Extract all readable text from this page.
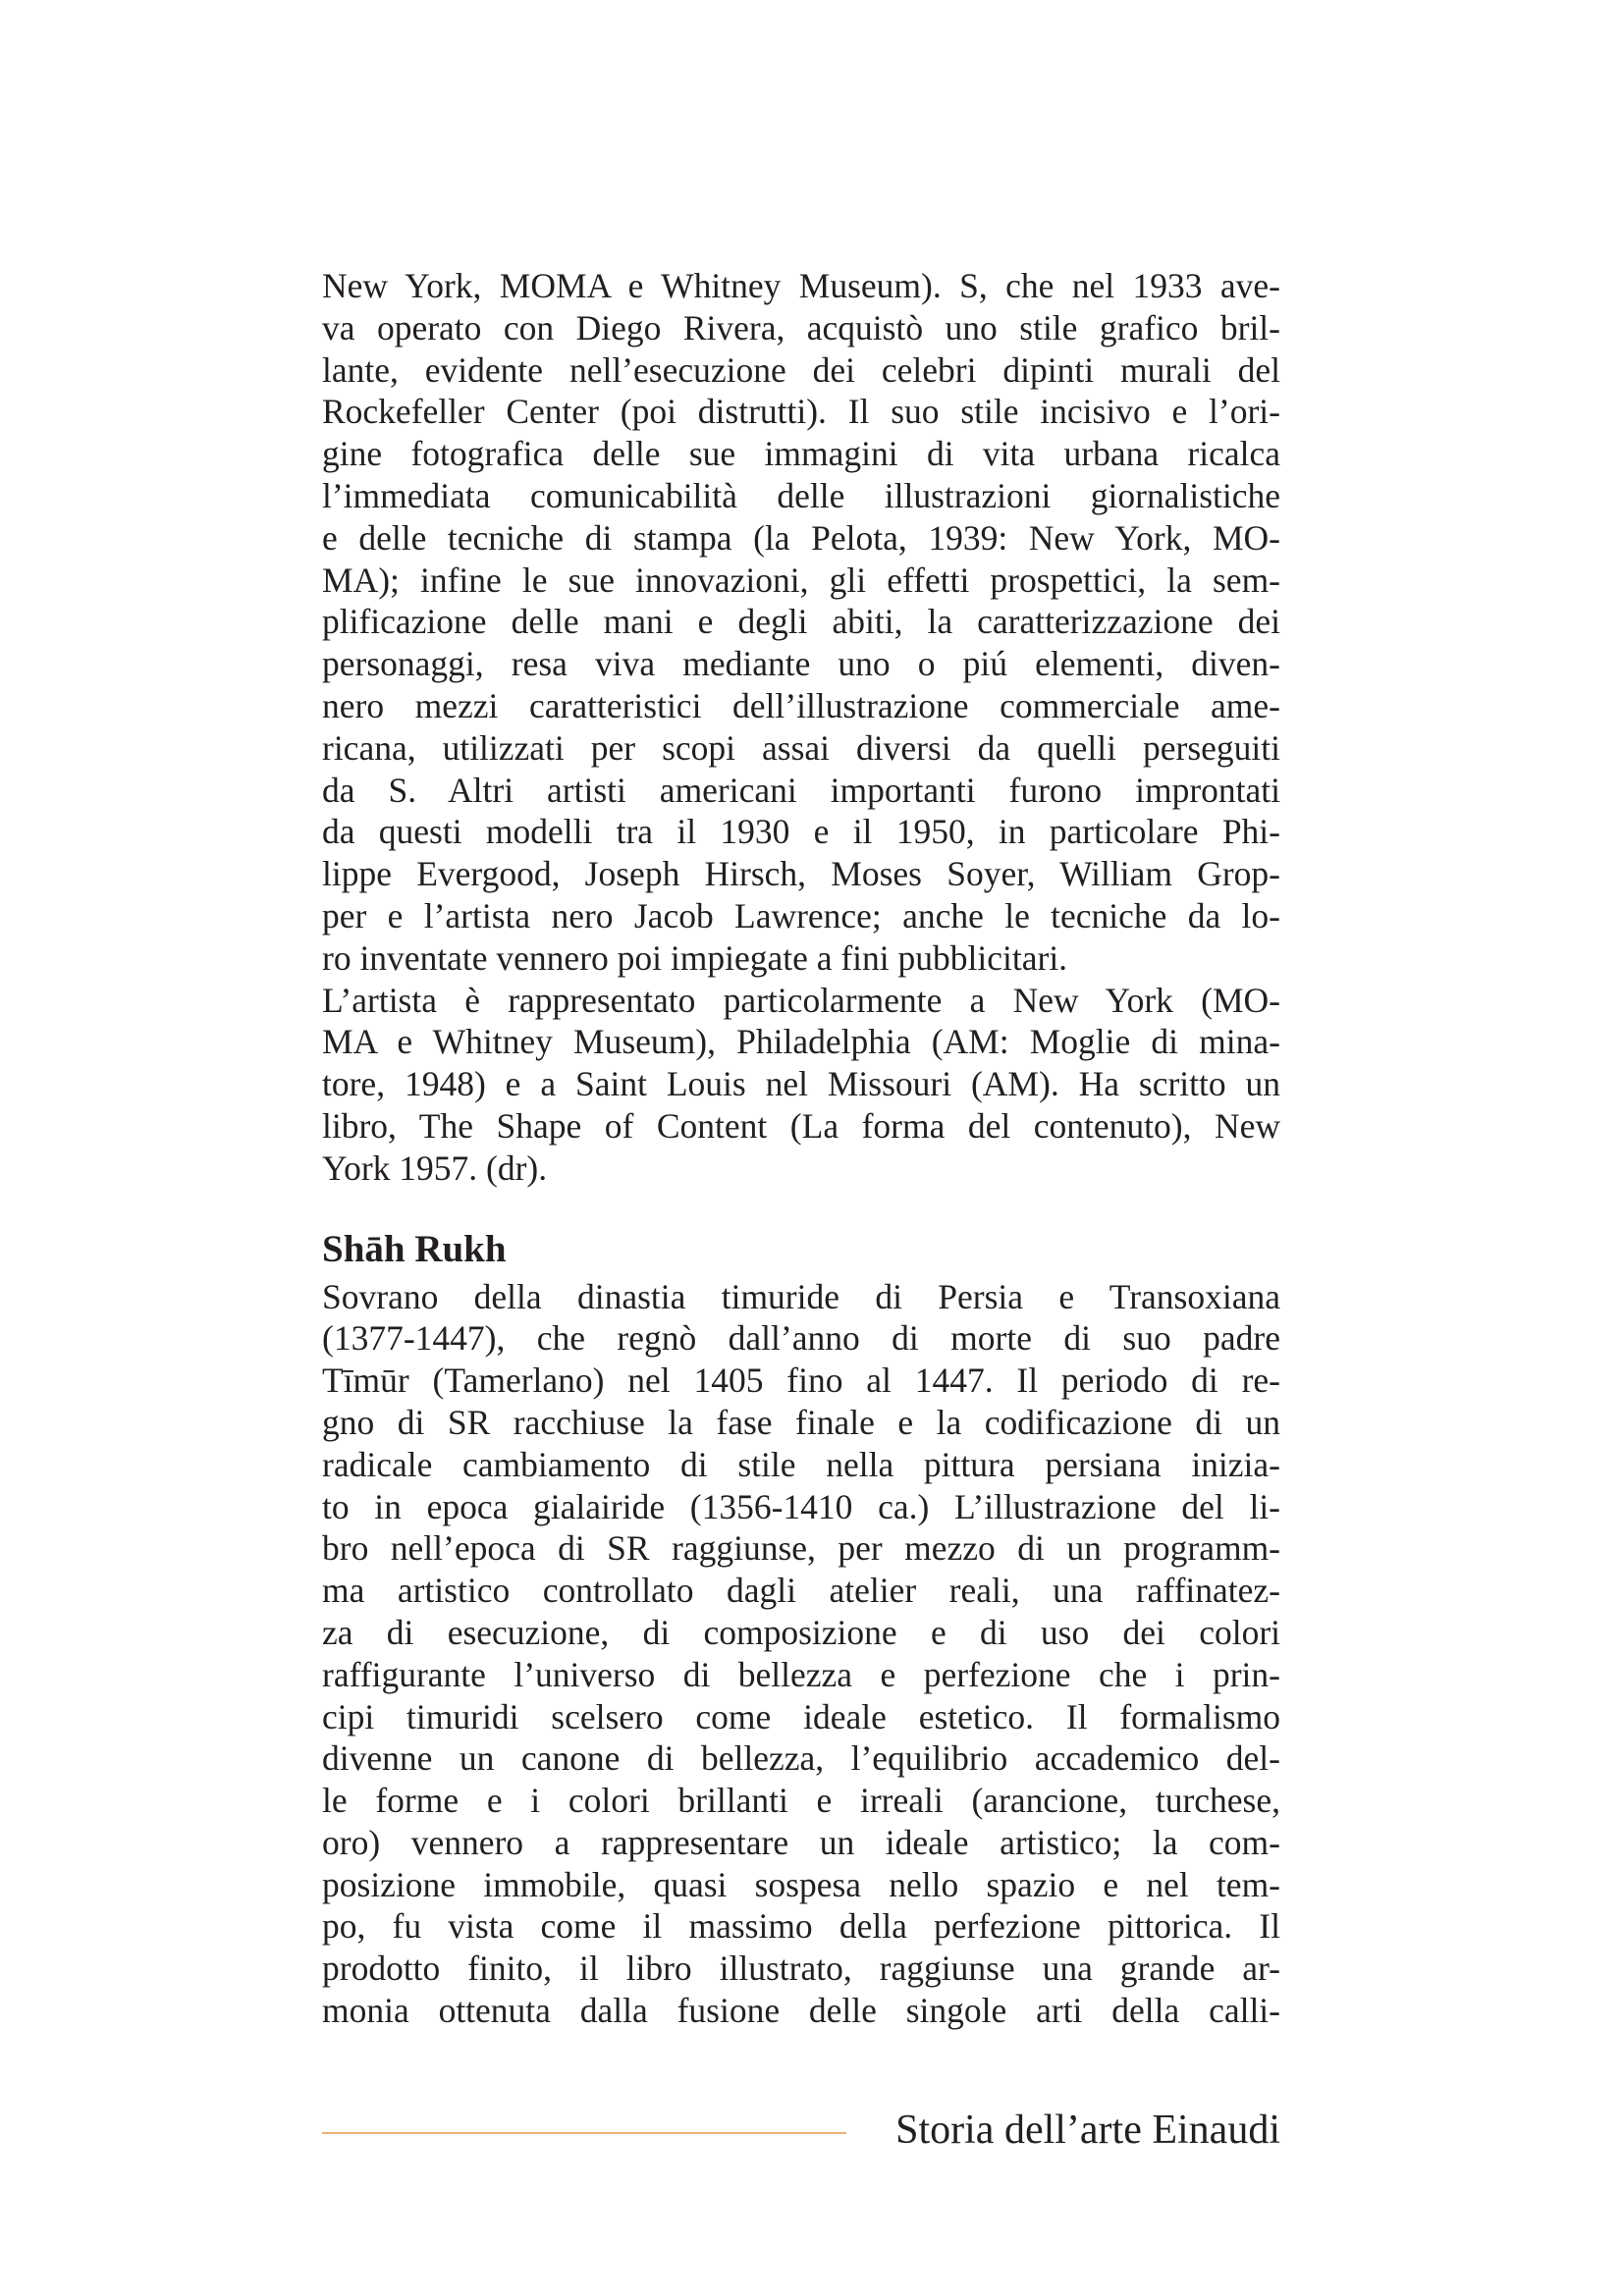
New York, MOMA e Whitney Museum). S, che nel 1933 ave-
va operato con Diego Rivera, acquistò uno stile grafico bril-
lante, evidente nell’esecuzione dei celebri dipinti murali del
Rockefeller Center (poi distrutti). Il suo stile incisivo e l’ori-
gine fotografica delle sue immagini di vita urbana ricalca
l’immediata comunicabilità delle illustrazioni giornalistiche
e delle tecniche di stampa (la Pelota, 1939: New York, MO-
MA); infine le sue innovazioni, gli effetti prospettici, la sem-
plificazione delle mani e degli abiti, la caratterizzazione dei
personaggi, resa viva mediante uno o piú elementi, diven-
nero mezzi caratteristici dell’illustrazione commerciale ame-
ricana, utilizzati per scopi assai diversi da quelli perseguiti
da S. Altri artisti americani importanti furono improntati
da questi modelli tra il 1930 e il 1950, in particolare Phi-
lippe Evergood, Joseph Hirsch, Moses Soyer, William Grop-
per e l’artista nero Jacob Lawrence; anche le tecniche da lo-
ro inventate vennero poi impiegate a fini pubblicitari.
L’artista è rappresentato particolarmente a New York (MO-
MA e Whitney Museum), Philadelphia (AM: Moglie di mina-
tore, 1948) e a Saint Louis nel Missouri (AM). Ha scritto un
libro, The Shape of Content (La forma del contenuto), New
York 1957. (dr).
Shāh Rukh
Sovrano della dinastia timuride di Persia e Transoxiana
(1377-1447), che regnò dall’anno di morte di suo padre
Tīmūr (Tamerlano) nel 1405 fino al 1447. Il periodo di re-
gno di SR racchiuse la fase finale e la codificazione di un
radicale cambiamento di stile nella pittura persiana inizia-
to in epoca gialairide (1356-1410 ca.) L’illustrazione del li-
bro nell’epoca di SR raggiunse, per mezzo di un programm-
ma artistico controllato dagli atelier reali, una raffinatez-
za di esecuzione, di composizione e di uso dei colori
raffigurante l’universo di bellezza e perfezione che i prin-
cipi timuridi scelsero come ideale estetico. Il formalismo
divenne un canone di bellezza, l’equilibrio accademico del-
le forme e i colori brillanti e irreali (arancione, turchese,
oro) vennero a rappresentare un ideale artistico; la com-
posizione immobile, quasi sospesa nello spazio e nel tem-
po, fu vista come il massimo della perfezione pittorica. Il
prodotto finito, il libro illustrato, raggiunse una grande ar-
monia ottenuta dalla fusione delle singole arti della calli-
Storia dell’arte Einaudi
